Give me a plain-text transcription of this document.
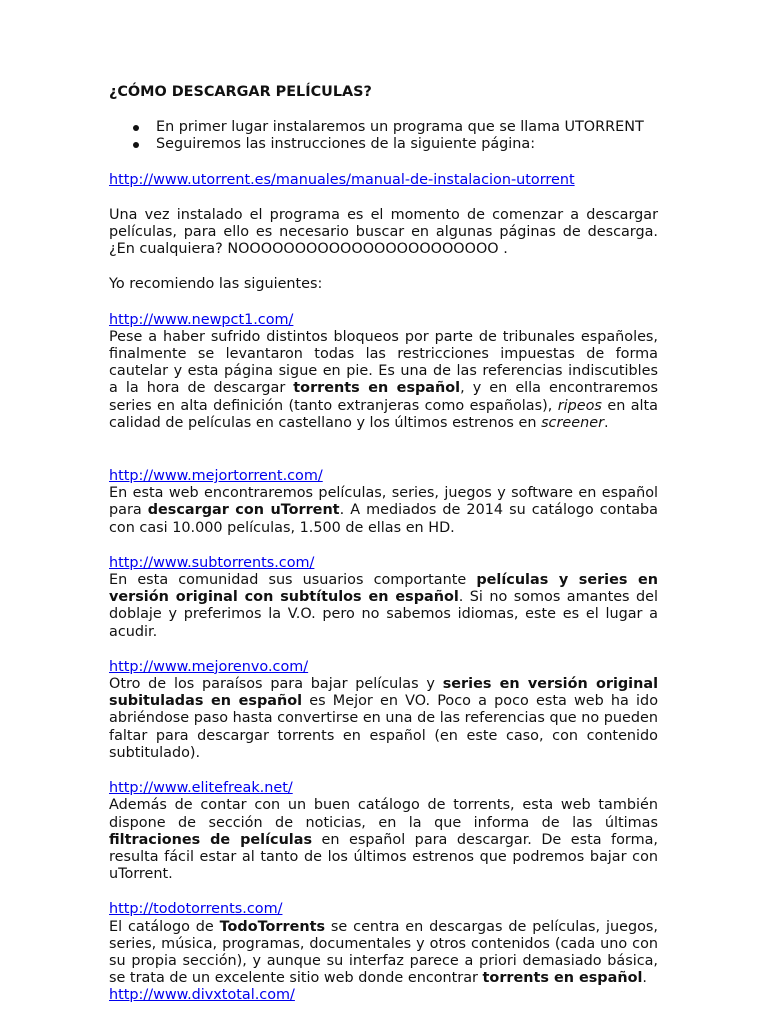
¿CÓMO DESCARGAR PELÍCULAS?

En primer lugar instalaremos un programa que se llama UTORRENT
Seguiremos las instrucciones de la siguiente página:
http://www.utorrent.es/manuales/manual-de-instalacion-utorrent

Una vez instalado el programa es el momento de comenzar a descargar películas, para ello es necesario buscar en algunas páginas de descarga. ¿En cualquiera? NOOOOOOOOOOOOOOOOOOOOOOO .

Yo recomiendo las siguientes:

http://www.newpct1.com/

Pese a haber sufrido distintos bloqueos por parte de tribunales españoles, finalmente se levantaron todas las restricciones impuestas de forma cautelar y esta página sigue en pie. Es una de las referencias indiscutibles a la hora de descargar torrents en español, y en ella encontraremos series en alta definición (tanto extranjeras como españolas), ripeos en alta calidad de películas en castellano y los últimos estrenos en screener.

http://www.mejortorrent.com/

En esta web encontraremos películas, series, juegos y software en español para descargar con uTorrent. A mediados de 2014 su catálogo contaba con casi 10.000 películas, 1.500 de ellas en HD.

http://www.subtorrents.com/

En esta comunidad sus usuarios comportante películas y series en versión original con subtítulos en español. Si no somos amantes del doblaje y preferimos la V.O. pero no sabemos idiomas, este es el lugar a acudir.

http://www.mejorenvo.com/

Otro de los paraísos para bajar películas y series en versión original subituladas en español es Mejor en VO. Poco a poco esta web ha ido abriéndose paso hasta convertirse en una de las referencias que no pueden faltar para descargar torrents en español (en este caso, con contenido subtitulado).

http://www.elitefreak.net/

Además de contar con un buen catálogo de torrents, esta web también dispone de sección de noticias, en la que informa de las últimas filtraciones de películas en español para descargar. De esta forma, resulta fácil estar al tanto de los últimos estrenos que podremos bajar con uTorrent.

http://todotorrents.com/

El catálogo de TodoTorrents se centra en descargas de películas, juegos, series, música, programas, documentales y otros contenidos (cada uno con su propia sección), y aunque su interfaz parece a priori demasiado básica, se trata de un excelente sitio web donde encontrar torrents en español.

http://www.divxtotal.com/
